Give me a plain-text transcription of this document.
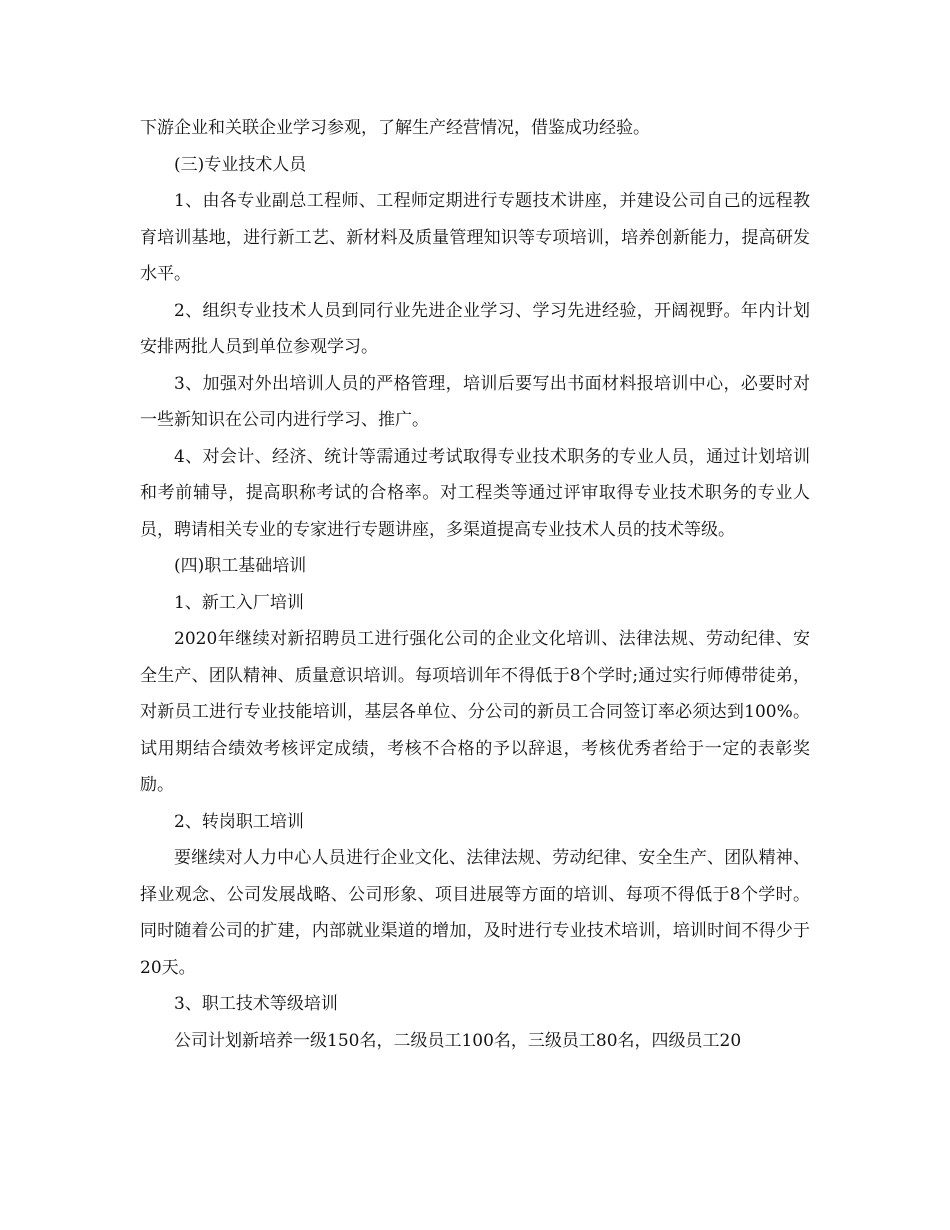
下游企业和关联企业学习参观，了解生产经营情况，借鉴成功经验。

(三)专业技术人员

1、由各专业副总工程师、工程师定期进行专题技术讲座，并建设公司自己的远程教育培训基地，进行新工艺、新材料及质量管理知识等专项培训，培养创新能力，提高研发水平。

2、组织专业技术人员到同行业先进企业学习、学习先进经验，开阔视野。年内计划安排两批人员到单位参观学习。

3、加强对外出培训人员的严格管理，培训后要写出书面材料报培训中心，必要时对一些新知识在公司内进行学习、推广。

4、对会计、经济、统计等需通过考试取得专业技术职务的专业人员，通过计划培训和考前辅导，提高职称考试的合格率。对工程类等通过评审取得专业技术职务的专业人员，聘请相关专业的专家进行专题讲座，多渠道提高专业技术人员的技术等级。

(四)职工基础培训

1、新工入厂培训

2020年继续对新招聘员工进行强化公司的企业文化培训、法律法规、劳动纪律、安全生产、团队精神、质量意识培训。每项培训年不得低于8个学时;通过实行师傅带徒弟，对新员工进行专业技能培训，基层各单位、分公司的新员工合同签订率必须达到100%。试用期结合绩效考核评定成绩，考核不合格的予以辞退，考核优秀者给于一定的表彰奖励。

2、转岗职工培训

要继续对人力中心人员进行企业文化、法律法规、劳动纪律、安全生产、团队精神、择业观念、公司发展战略、公司形象、项目进展等方面的培训、每项不得低于8个学时。同时随着公司的扩建，内部就业渠道的增加，及时进行专业技术培训，培训时间不得少于20天。

3、职工技术等级培训

公司计划新培养一级150名，二级员工100名，三级员工80名，四级员工20
